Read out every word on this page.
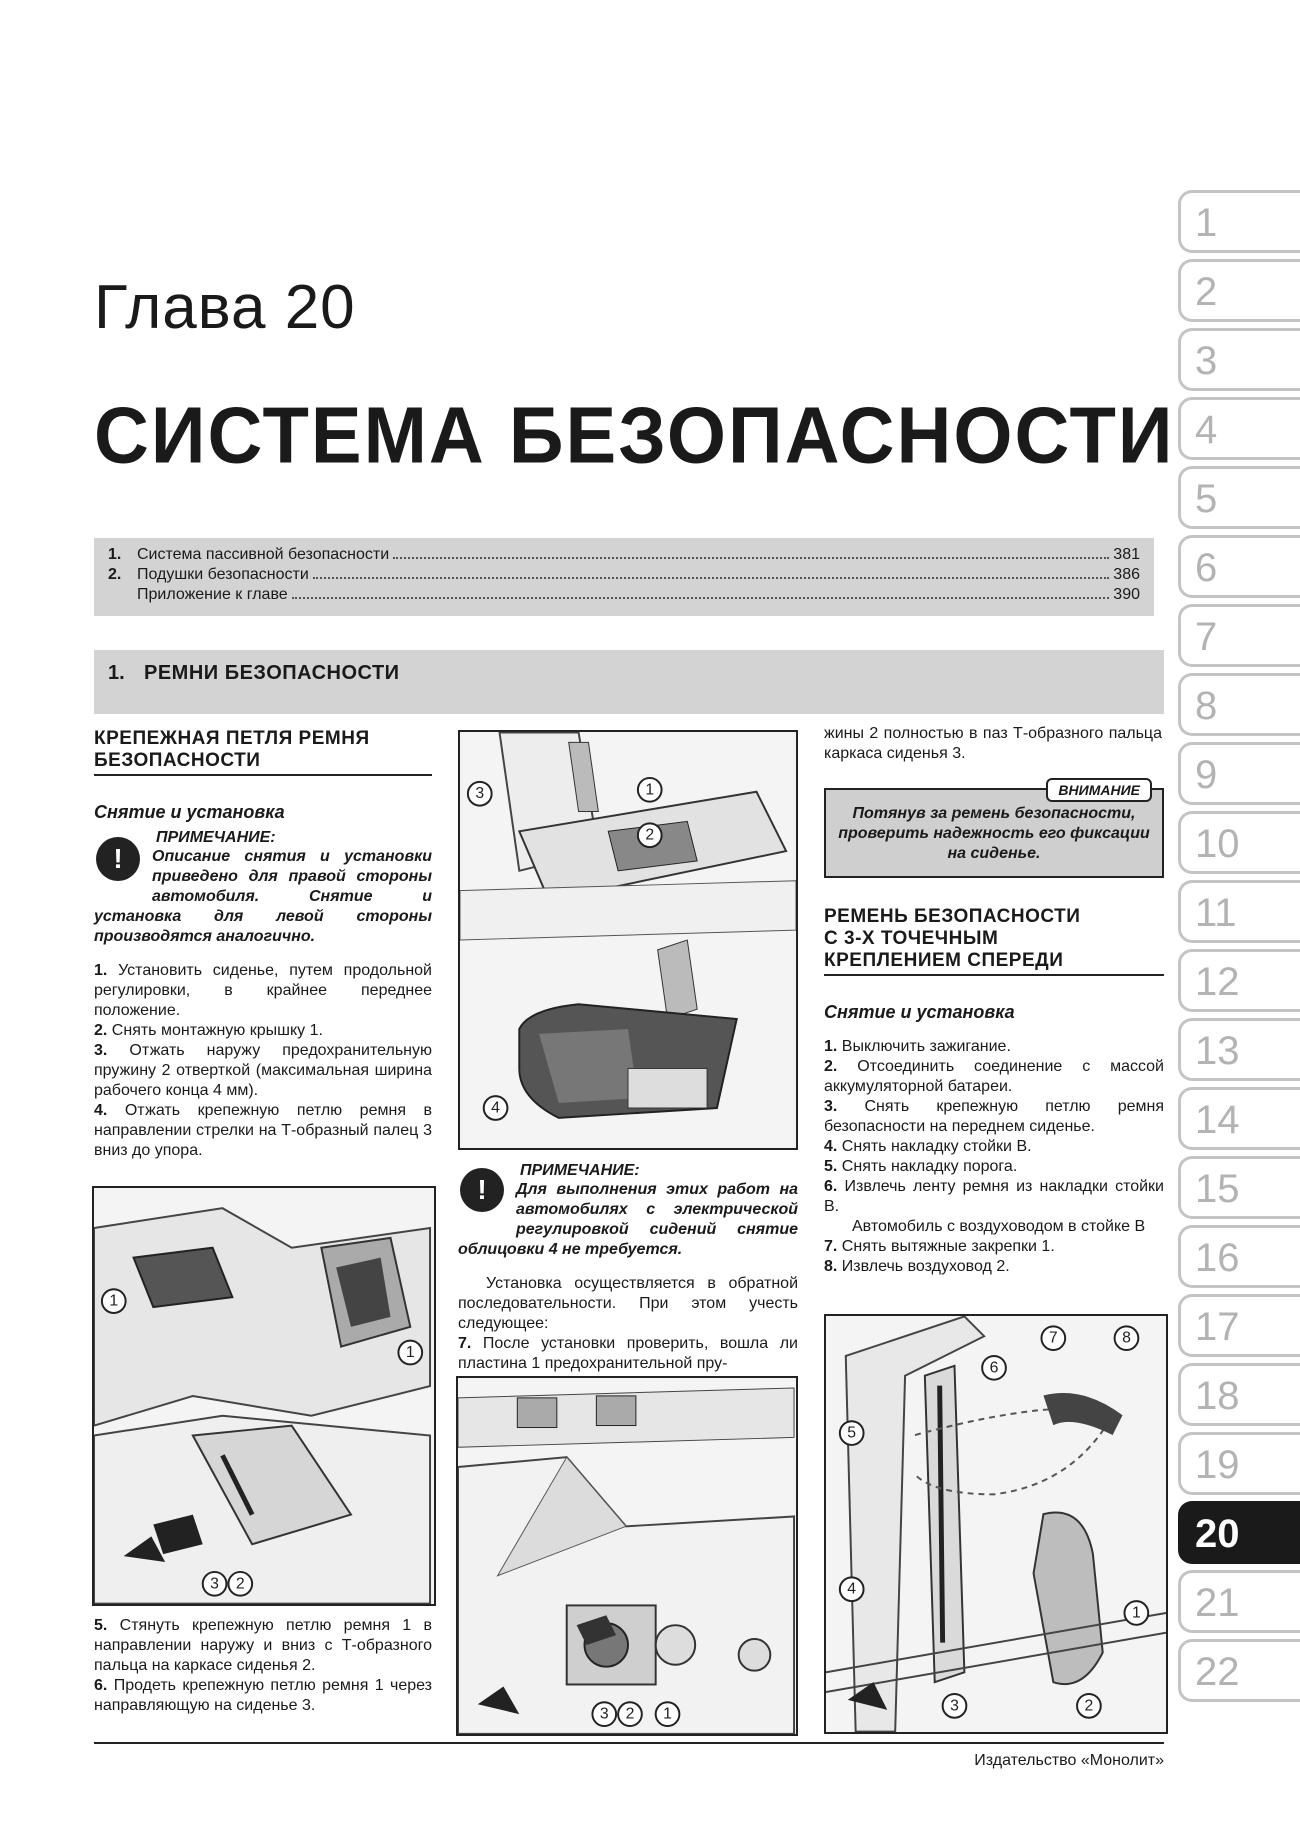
Глава 20
СИСТЕМА БЕЗОПАСНОСТИ
1. Система пассивной безопасности	381
2. Подушки безопасности	386
Приложение к главе	390
1. РЕМНИ БЕЗОПАСНОСТИ
1
2
3
4
5
6
7
8
9
10
11
12
13
14
15
16
17
18
19
20
21
22
КРЕПЕЖНАЯ ПЕТЛЯ РЕМНЯ
БЕЗОПАСНОСТИ
Снятие и установка
!
ПРИМЕЧАНИЕ:
Описание снятия и установки приведено для правой стороны автомобиля. Снятие и установка для левой стороны производятся аналогично.
1. Установить сиденье, путем продольной регулировки, в крайнее переднее положение.
2. Снять монтажную крышку 1.
3. Отжать наружу предохранительную пружину 2 отверткой (максимальная ширина рабочего конца 4 мм).
4. Отжать крепежную петлю ремня в направлении стрелки на Т-образный палец 3 вниз до упора.
1
1
3 2
5. Стянуть крепежную петлю ремня 1 в направлении наружу и вниз с Т-образного пальца на каркасе сиденья 2.
6. Продеть крепежную петлю ремня 1 через направляющую на сиденье 3.
3	1
2
4
!
ПРИМЕЧАНИЕ:
Для выполнения этих работ на автомобилях с электрической регулировкой сидений снятие облицовки 4 не требуется.
Установка осуществляется в обратной последовательности. При этом учесть следующее:
7. После установки проверить, вошла ли пластина 1 предохранительной пру-
3 2 1
жины 2 полностью в паз Т-образного пальца каркаса сиденья 3.
ВНИМАНИЕ
Потянув за ремень безопасности, проверить надежность его фиксации на сиденье.
РЕМЕНЬ БЕЗОПАСНОСТИ
С 3-Х ТОЧЕЧНЫМ
КРЕПЛЕНИЕМ СПЕРЕДИ
Снятие и установка
1. Выключить зажигание.
2. Отсоединить соединение с массой аккумуляторной батареи.
3. Снять крепежную петлю ремня безопасности на переднем сиденье.
4. Снять накладку стойки В.
5. Снять накладку порога.
6. Извлечь ленту ремня из накладки стойки В.
Автомобиль с воздуховодом в стойке В
7. Снять вытяжные закрепки 1.
8. Извлечь воздуховод 2.
7	8
6
5
4
1
3	2
Издательство «Монолит»
